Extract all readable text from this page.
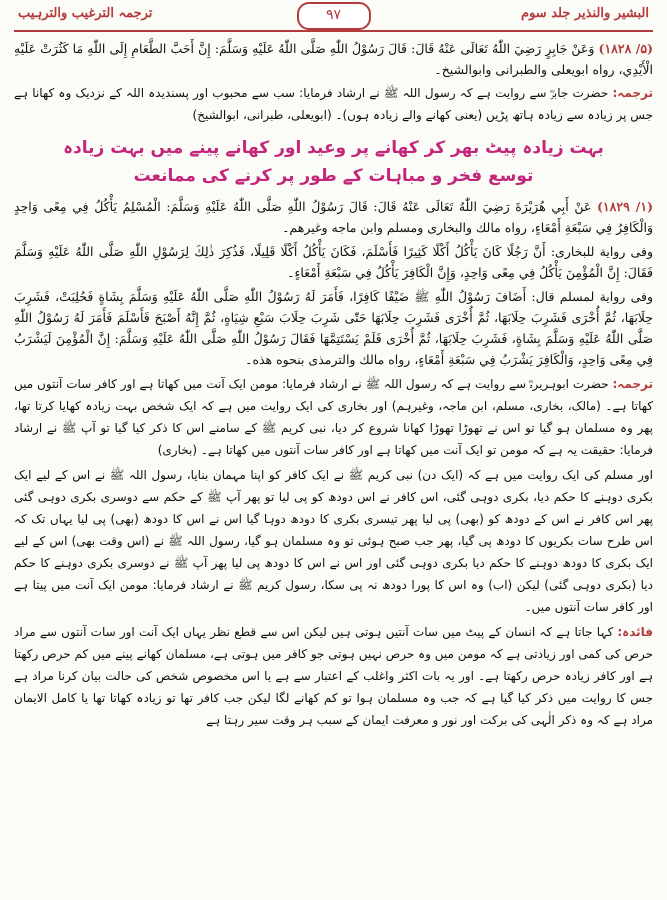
البشیر والنذیر جلد سوم
۹۷
ترجمہ الترغیب والترہیب

(۵/ ۱۸۲۸) وَعَنْ جَابِرٍ رَضِيَ اللّٰهُ تَعَالَى عَنْهُ قَالَ: قَالَ رَسُوْلُ اللّٰهِ صَلَّى اللّٰهُ عَلَيْهِ وَسَلَّمَ: إِنَّ أَحَبَّ الطَّعَامِ إِلَى اللّٰهِ مَا كَثُرَتْ عَلَيْهِ الْأَيْدِي، رواه ابويعلى والطبرانى وابوالشيخ۔

ترجمہ: حضرت جابرؓ سے روایت ہے کہ رسول اللہ ﷺ نے ارشاد فرمایا: سب سے محبوب اور پسندیدہ اللہ کے نزدیک وہ کھانا ہے جس پر زیادہ سے زیادہ ہاتھ پڑیں (یعنی کھانے والے زیادہ ہوں)۔ (ابویعلی، طبرانی، ابوالشیخ)

بہت زیادہ پیٹ بھر کر کھانے پر وعید اور کھانے پینے میں بہت زیادہ
توسع فخر و مباہات کے طور پر کرنے کی ممانعت

(۱/ ۱۸۲۹) عَنْ أَبِي هُرَيْرَةَ رَضِيَ اللّٰهُ تَعَالَى عَنْهُ قَالَ: قَالَ رَسُوْلُ اللّٰهِ صَلَّى اللّٰهُ عَلَيْهِ وَسَلَّمَ: الْمُسْلِمُ يَأْكُلُ فِي مِعًى وَاحِدٍ وَالْكَافِرُ فِي سَبْعَةِ أَمْعَاءٍ، رواه مالك والبخارى ومسلم وابن ماجه وغيرهم۔

وفى رواية للبخارى: أَنَّ رَجُلًا كَانَ يَأْكُلُ أَكْلًا كَثِيرًا فَأَسْلَمَ، فَكَانَ يَأْكُلُ أَكْلًا قَلِيلًا، فَذُكِرَ ذٰلِكَ لِرَسُوْلِ اللّٰهِ صَلَّى اللّٰهُ عَلَيْهِ وَسَلَّمَ فَقَالَ: إِنَّ الْمُؤْمِنَ يَأْكُلُ فِي مِعًى وَاحِدٍ، وَإِنَّ الْكَافِرَ يَأْكُلُ فِي سَبْعَةِ أَمْعَاءٍ۔

وفى رواية لمسلم قال: أَضَافَ رَسُوْلُ اللّٰهِ ﷺ ضَيْفًا كَافِرًا، فَأَمَرَ لَهُ رَسُوْلُ اللّٰهِ صَلَّى اللّٰهُ عَلَيْهِ وَسَلَّمَ بِشَاةٍ فَحُلِبَتْ، فَشَرِبَ حِلَابَهَا، ثُمَّ أُخْرَى فَشَرِبَ حِلَابَهَا، ثُمَّ أُخْرَى فَشَرِبَ حِلَابَهَا حَتّٰى شَرِبَ حِلَابَ سَبْعِ شِيَاهٍ، ثُمَّ إِنَّهُ أَصْبَحَ فَأَسْلَمَ فَأَمَرَ لَهُ رَسُوْلُ اللّٰهِ صَلَّى اللّٰهُ عَلَيْهِ وَسَلَّمَ بِشَاةٍ، فَشَرِبَ حِلَابَهَا، ثُمَّ أُخْرَى فَلَمْ يَسْتَتِمَّهَا فَقَالَ رَسُوْلُ اللّٰهِ صَلَّى اللّٰهُ عَلَيْهِ وَسَلَّمَ: إِنَّ الْمُؤْمِنَ لَيَشْرَبُ فِي مِعًى وَاحِدٍ، وَالْكَافِرَ يَشْرَبُ فِي سَبْعَةِ أَمْعَاءٍ، رواه مالك والترمذى بنحوه هذه۔

ترجمہ: حضرت ابوہریرہؓ سے روایت ہے کہ رسول اللہ ﷺ نے ارشاد فرمایا: مومن ایک آنت میں کھاتا ہے اور کافر سات آنتوں میں کھاتا ہے۔ (مالک، بخاری، مسلم، ابن ماجہ، وغیرہم) اور بخاری کی ایک روایت میں ہے کہ ایک شخص بہت زیادہ کھایا کرتا تھا، پھر وہ مسلمان ہو گیا تو اس نے تھوڑا تھوڑا کھانا شروع کر دیا، نبی کریم ﷺ کے سامنے اس کا ذکر کیا گیا تو آپ ﷺ نے ارشاد فرمایا: حقیقت یہ ہے کہ مومن تو ایک آنت میں کھاتا ہے اور کافر سات آنتوں میں کھاتا ہے۔ (بخاری)

اور مسلم کی ایک روایت میں ہے کہ (ایک دن) نبی کریم ﷺ نے ایک کافر کو اپنا مہمان بنایا، رسول اللہ ﷺ نے اس کے لیے ایک بکری دوہنے کا حکم دیا، بکری دوہی گئی، اس کافر نے اس دودھ کو پی لیا تو پھر آپ ﷺ کے حکم سے دوسری بکری دوہی گئی پھر اس کافر نے اس کے دودھ کو (بھی) پی لیا پھر تیسری بکری کا دودھ دوہا گیا اس نے اس کا دودھ (بھی) پی لیا یہاں تک کہ اس طرح سات بکریوں کا دودھ پی گیا، پھر جب صبح ہوئی تو وہ مسلمان ہو گیا، رسول اللہ ﷺ نے (اس وقت بھی) اس کے لیے ایک بکری کا دودھ دوہنے کا حکم دیا بکری دوہی گئی اور اس نے اس کا دودھ پی لیا پھر آپ ﷺ نے دوسری بکری دوہنے کا حکم دیا (بکری دوہی گئی) لیکن (اب) وہ اس کا پورا دودھ نہ پی سکا، رسول کریم ﷺ نے ارشاد فرمایا: مومن ایک آنت میں پیتا ہے اور کافر سات آنتوں میں۔

فائدہ: کہا جاتا ہے کہ انسان کے پیٹ میں سات آنتیں ہوتی ہیں لیکن اس سے قطع نظر یہاں ایک آنت اور سات آنتوں سے مراد حرص کی کمی اور زیادتی ہے کہ مومن میں وہ حرص نہیں ہوتی جو کافر میں ہوتی ہے، مسلمان کھانے پینے میں کم حرص رکھتا ہے اور کافر زیادہ حرص رکھتا ہے۔ اور یہ بات اکثر واغلب کے اعتبار سے ہے یا اس مخصوص شخص کی حالت بیان کرنا مراد ہے جس کا روایت میں ذکر کیا گیا ہے کہ جب وہ مسلمان ہوا تو کم کھانے لگا لیکن جب کافر تھا تو زیادہ کھاتا تھا یا کامل الایمان مراد ہے کہ وہ ذکر الٰہی کی برکت اور نور و معرفت ایمان کے سبب ہر وقت سیر رہتا ہے
